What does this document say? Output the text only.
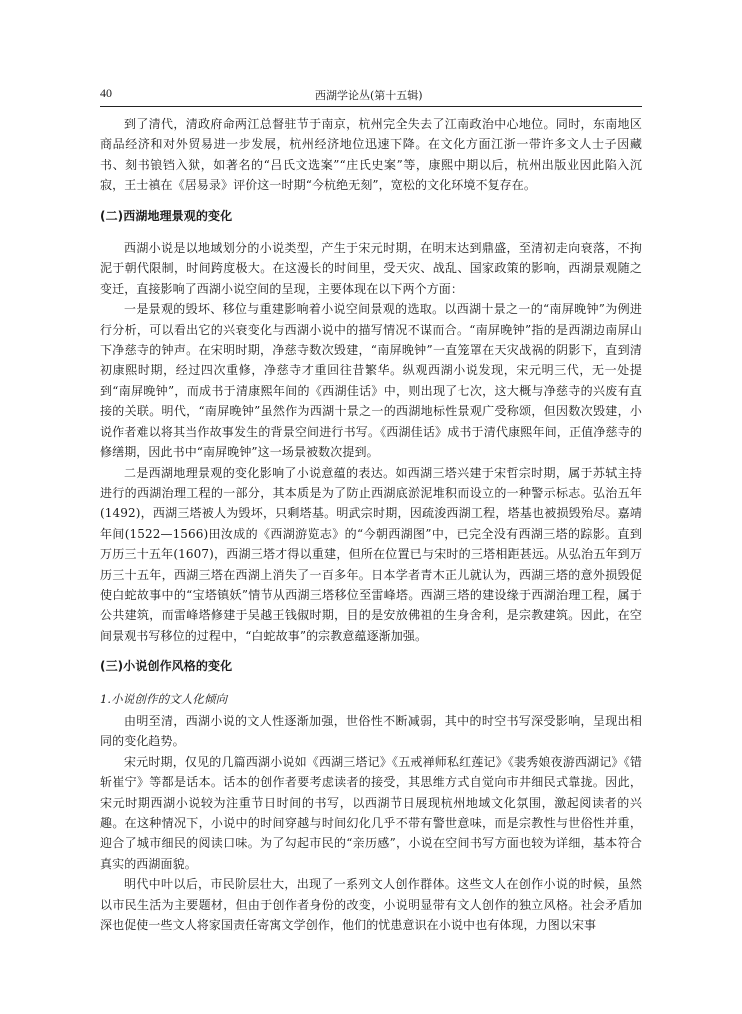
40	西湖学论丛(第十五辑)

到了清代，清政府命两江总督驻节于南京，杭州完全失去了江南政治中心地位。同时，东南地区商品经济和对外贸易进一步发展，杭州经济地位迅速下降。在文化方面江浙一带许多文人士子因藏书、刻书锒铛入狱，如著名的“吕氏文选案”“庄氏史案”等，康熙中期以后，杭州出版业因此陷入沉寂，王士禛在《居易录》评价这一时期“今杭绝无刻”，宽松的文化环境不复存在。

(二)西湖地理景观的变化

西湖小说是以地域划分的小说类型，产生于宋元时期，在明末达到鼎盛，至清初走向衰落，不拘泥于朝代限制，时间跨度极大。在这漫长的时间里，受天灾、战乱、国家政策的影响，西湖景观随之变迁，直接影响了西湖小说空间的呈现，主要体现在以下两个方面：

一是景观的毁坏、移位与重建影响着小说空间景观的选取。以西湖十景之一的“南屏晚钟”为例进行分析，可以看出它的兴衰变化与西湖小说中的描写情况不谋而合。“南屏晚钟”指的是西湖边南屏山下净慈寺的钟声。在宋明时期，净慈寺数次毁建，“南屏晚钟”一直笼罩在天灾战祸的阴影下，直到清初康熙时期，经过四次重修，净慈寺才重回往昔繁华。纵观西湖小说发现，宋元明三代，无一处提到“南屏晚钟”，而成书于清康熙年间的《西湖佳话》中，则出现了七次，这大概与净慈寺的兴废有直接的关联。明代，“南屏晚钟”虽然作为西湖十景之一的西湖地标性景观广受称颂，但因数次毁建，小说作者难以将其当作故事发生的背景空间进行书写。《西湖佳话》成书于清代康熙年间，正值净慈寺的修缮期，因此书中“南屏晚钟”这一场景被数次提到。

二是西湖地理景观的变化影响了小说意蕴的表达。如西湖三塔兴建于宋哲宗时期，属于苏轼主持进行的西湖治理工程的一部分，其本质是为了防止西湖底淤泥堆积而设立的一种警示标志。弘治五年(1492)，西湖三塔被人为毁坏，只剩塔基。明武宗时期，因疏浚西湖工程，塔基也被损毁殆尽。嘉靖年间(1522—1566)田汝成的《西湖游览志》的“今朝西湖图”中，已完全没有西湖三塔的踪影。直到万历三十五年(1607)，西湖三塔才得以重建，但所在位置已与宋时的三塔相距甚远。从弘治五年到万历三十五年，西湖三塔在西湖上消失了一百多年。日本学者青木正儿就认为，西湖三塔的意外损毁促使白蛇故事中的“宝塔镇妖”情节从西湖三塔移位至雷峰塔。西湖三塔的建设缘于西湖治理工程，属于公共建筑，而雷峰塔修建于吴越王钱俶时期，目的是安放佛祖的生身舍利，是宗教建筑。因此，在空间景观书写移位的过程中，“白蛇故事”的宗教意蕴逐渐加强。

(三)小说创作风格的变化
1.小说创作的文人化倾向

由明至清，西湖小说的文人性逐渐加强，世俗性不断减弱，其中的时空书写深受影响，呈现出相同的变化趋势。

宋元时期，仅见的几篇西湖小说如《西湖三塔记》《五戒禅师私红莲记》《裴秀娘夜游西湖记》《错斩崔宁》等都是话本。话本的创作者要考虑读者的接受，其思维方式自觉向市井细民式靠拢。因此，宋元时期西湖小说较为注重节日时间的书写，以西湖节日展现杭州地域文化氛围，激起阅读者的兴趣。在这种情况下，小说中的时间穿越与时间幻化几乎不带有警世意味，而是宗教性与世俗性并重，迎合了城市细民的阅读口味。为了勾起市民的“亲历感”，小说在空间书写方面也较为详细，基本符合真实的西湖面貌。

明代中叶以后，市民阶层壮大，出现了一系列文人创作群体。这些文人在创作小说的时候，虽然以市民生活为主要题材，但由于创作者身份的改变，小说明显带有文人创作的独立风格。社会矛盾加深也促使一些文人将家国责任寄寓文学创作，他们的忧患意识在小说中也有体现，力图以宋事
